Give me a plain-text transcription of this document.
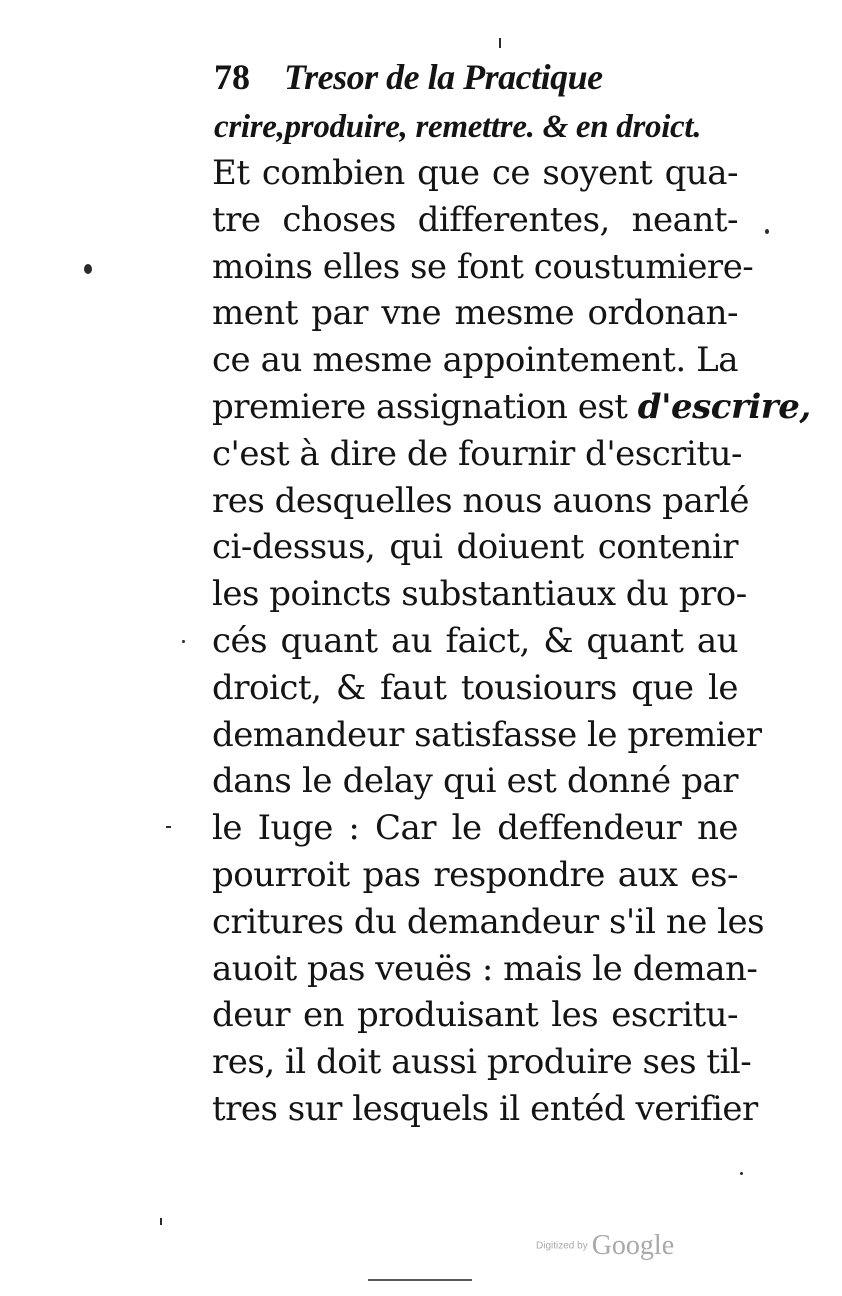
78 Tresor de la Practique
crire,produire, remettre. & en droict.
Et combien que ce soyent qua-
tre choses differentes, neant-
moins elles se font coustumiere-
ment par vne mesme ordonan-
ce au mesme appointement. La
premiere assignation est d'escrire,
c'est à dire de fournir d'escritu-
res desquelles nous auons parlé
ci-dessus, qui doiuent contenir
les poincts substantiaux du pro-
cés quant au faict, & quant au
droict, & faut tousiours que le
demandeur satisfasse le premier
dans le delay qui est donné par
le Iuge : Car le deffendeur ne
pourroit pas respondre aux es-
critures du demandeur s'il ne les
auoit pas veuës : mais le deman-
deur en produisant les escritu-
res, il doit aussi produire ses til-
tres sur lesquels il entéd verifier
Digitized by Google
